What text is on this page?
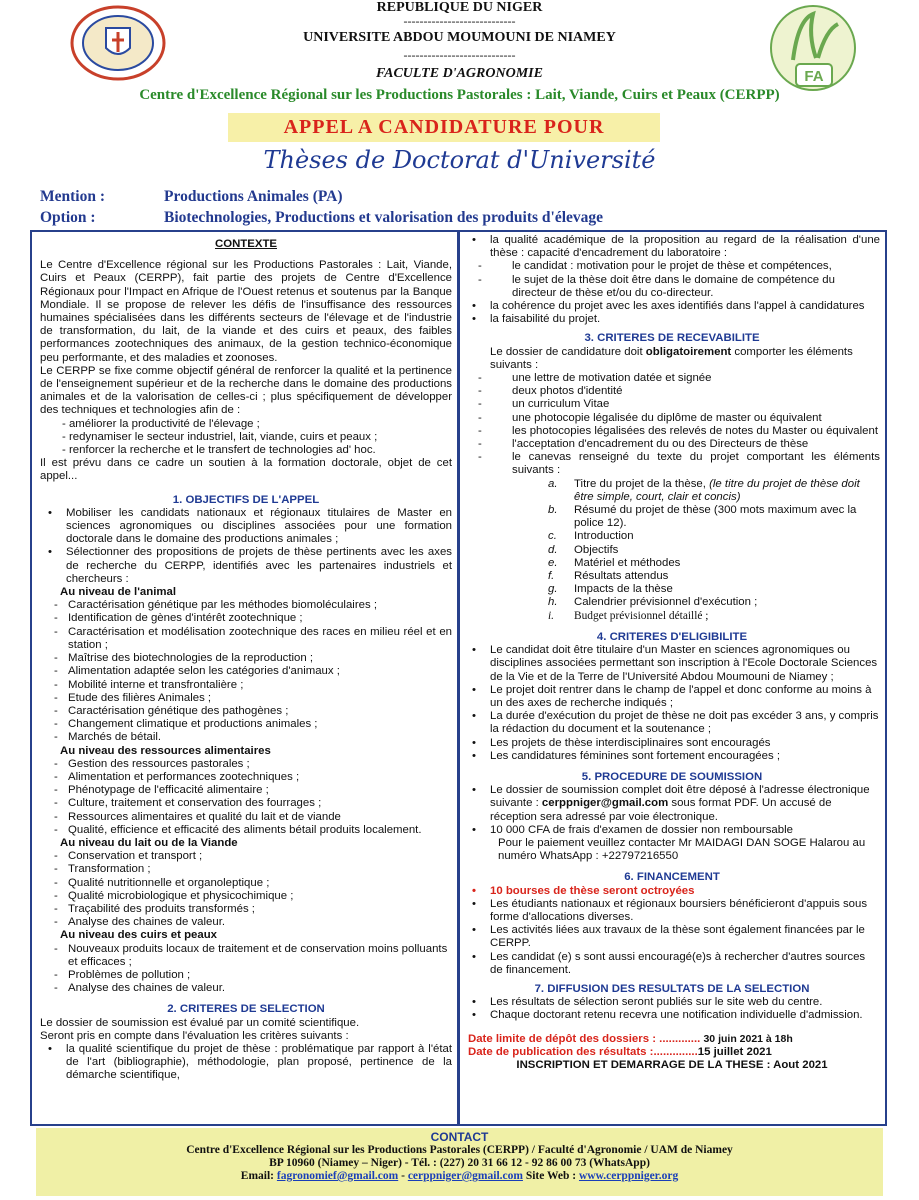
REPUBLIQUE DU NIGER
----------------------------
UNIVERSITE ABDOU MOUMOUNI DE NIAMEY
----------------------------
FACULTE D'AGRONOMIE
Centre d'Excellence Régional sur les Productions Pastorales : Lait, Viande, Cuirs et Peaux (CERPP)
FA
APPEL A CANDIDATURE POUR
Thèses de Doctorat d'Université
Mention :	Productions Animales (PA)
Option :	Biotechnologies, Productions et valorisation des produits d'élevage

CONTEXTE

Le Centre d'Excellence régional sur les Productions Pastorales : Lait, Viande, Cuirs et Peaux (CERPP), fait partie des projets de Centre d'Excellence Régionaux pour l'Impact en Afrique de l'Ouest retenus et soutenus par la Banque Mondiale. Il se propose de relever les défis de l'insuffisance des ressources humaines spécialisées dans les différents secteurs de l'élevage et de l'industrie de transformation, du lait, de la viande et des cuirs et peaux, des faibles performances zootechniques des animaux, de la gestion technico-économique peu performante, et des maladies et zoonoses.

Le CERPP se fixe comme objectif général de renforcer la qualité et la pertinence de l'enseignement supérieur et de la recherche dans le domaine des productions animales et de la valorisation de celles-ci ; plus spécifiquement de développer des techniques et technologies afin de :

- améliorer la productivité de l'élevage ;
- redynamiser le secteur industriel, lait, viande, cuirs et peaux ;
- renforcer la recherche et le transfert de technologies ad' hoc.

Il est prévu dans ce cadre un soutien à la formation doctorale, objet de cet appel...

1. OBJECTIFS DE L'APPEL

• Mobiliser les candidats nationaux et régionaux titulaires de Master en sciences agronomiques ou disciplines associées pour une formation doctorale dans le domaine des productions animales ;
• Sélectionner des propositions de projets de thèse pertinents avec les axes de recherche du CERPP, identifiés avec les partenaires industriels et chercheurs :

Au niveau de l'animal

- Caractérisation génétique par les méthodes biomoléculaires ;
- Identification de gènes d'intérêt zootechnique ;
- Caractérisation et modélisation zootechnique des races en milieu réel et en station ;
- Maîtrise des biotechnologies de la reproduction ;
- Alimentation adaptée selon les catégories d'animaux ;
- Mobilité interne et transfrontalière ;
- Etude des filières Animales ;
- Caractérisation génétique des pathogènes ;
- Changement climatique et productions animales ;
- Marchés de bétail.

Au niveau des ressources alimentaires

- Gestion des ressources pastorales ;
- Alimentation et performances zootechniques ;
- Phénotypage de l'efficacité alimentaire ;
- Culture, traitement et conservation des fourrages ;
- Ressources alimentaires et qualité du lait et de viande
- Qualité, efficience et efficacité des aliments bétail produits localement.

Au niveau du lait ou de la Viande

- Conservation et transport ;
- Transformation ;
- Qualité nutritionnelle et organoleptique ;
- Qualité microbiologique et physicochimique ;
- Traçabilité des produits transformés ;
- Analyse des chaines de valeur.

Au niveau des cuirs et peaux

- Nouveaux produits locaux de traitement et de conservation moins polluants et efficaces ;
- Problèmes de pollution ;
- Analyse des chaines de valeur.

2. CRITERES DE SELECTION

Le dossier de soumission est évalué par un comité scientifique.

Seront pris en compte dans l'évaluation les critères suivants :

• la qualité scientifique du projet de thèse : problématique par rapport à l'état de l'art (bibliographie), méthodologie, plan proposé, pertinence de la démarche scientifique,
• la qualité académique de la proposition au regard de la réalisation d'une thèse : capacité d'encadrement du laboratoire :
- le candidat : motivation pour le projet de thèse et compétences,
- le sujet de la thèse doit être dans le domaine de compétence du directeur de thèse et/ou du co-directeur.
• la cohérence du projet avec les axes identifiés dans l'appel à candidatures
• la faisabilité du projet.

3. CRITERES DE RECEVABILITE

Le dossier de candidature doit obligatoirement comporter les éléments suivants :

- une lettre de motivation datée et signée
- deux photos d'identité
- un curriculum Vitae
- une photocopie légalisée du diplôme de master ou équivalent
- les photocopies légalisées des relevés de notes du Master ou équivalent
- l'acceptation d'encadrement du ou des Directeurs de thèse
- le canevas renseigné du texte du projet comportant les éléments suivants :
a. Titre du projet de la thèse, (le titre du projet de thèse doit être simple, court, clair et concis)
b. Résumé du projet de thèse (300 mots maximum avec la police 12).
c. Introduction
d. Objectifs
e. Matériel et méthodes
f. Résultats attendus
g. Impacts de la thèse
h. Calendrier prévisionnel d'exécution ;
i. Budget prévisionnel détaillé ;

4. CRITERES D'ELIGIBILITE

• Le candidat doit être titulaire d'un Master en sciences agronomiques ou disciplines associées permettant son inscription à l'Ecole Doctorale Sciences de la Vie et de la Terre de l'Université Abdou Moumouni de Niamey ;
• Le projet doit rentrer dans le champ de l'appel et donc conforme au moins à un des axes de recherche indiqués ;
• La durée d'exécution du projet de thèse ne doit pas excéder 3 ans, y compris la rédaction du document et la soutenance ;
• Les projets de thèse interdisciplinaires sont encouragés
• Les candidatures féminines sont fortement encouragées ;

5. PROCEDURE DE SOUMISSION

• Le dossier de soumission complet doit être déposé à l'adresse électronique suivante : cerppniger@gmail.com sous format PDF. Un accusé de réception sera adressé par voie électronique.
• 10 000 CFA de frais d'examen de dossier non remboursable

Pour le paiement veuillez contacter Mr MAIDAGI DAN SOGE Halarou au numéro WhatsApp : +22797216550

6. FINANCEMENT

• 10 bourses de thèse seront octroyées
• Les étudiants nationaux et régionaux boursiers bénéficieront d'appuis sous forme d'allocations diverses.
• Les activités liées aux travaux de la thèse sont également financées par le CERPP.
• Les candidat (e) s sont aussi encouragé(e)s à rechercher d'autres sources de financement.

7. DIFFUSION DES RESULTATS DE LA SELECTION

• Les résultats de sélection seront publiés sur le site web du centre.
• Chaque doctorant retenu recevra une notification individuelle d'admission.

Date limite de dépôt des dossiers : ............. 30 juin 2021 à 18h

Date de publication des résultats :..............15 juillet 2021

INSCRIPTION ET DEMARRAGE DE LA THESE : Aout 2021

CONTACT
Centre d'Excellence Régional sur les Productions Pastorales (CERPP) / Faculté d'Agronomie / UAM de Niamey
BP 10960 (Niamey – Niger) - Tél. : (227) 20 31 66 12 - 92 86 00 73 (WhatsApp)
Email: fagronomief@gmail.com - cerppniger@gmail.com Site Web : www.cerppniger.org
